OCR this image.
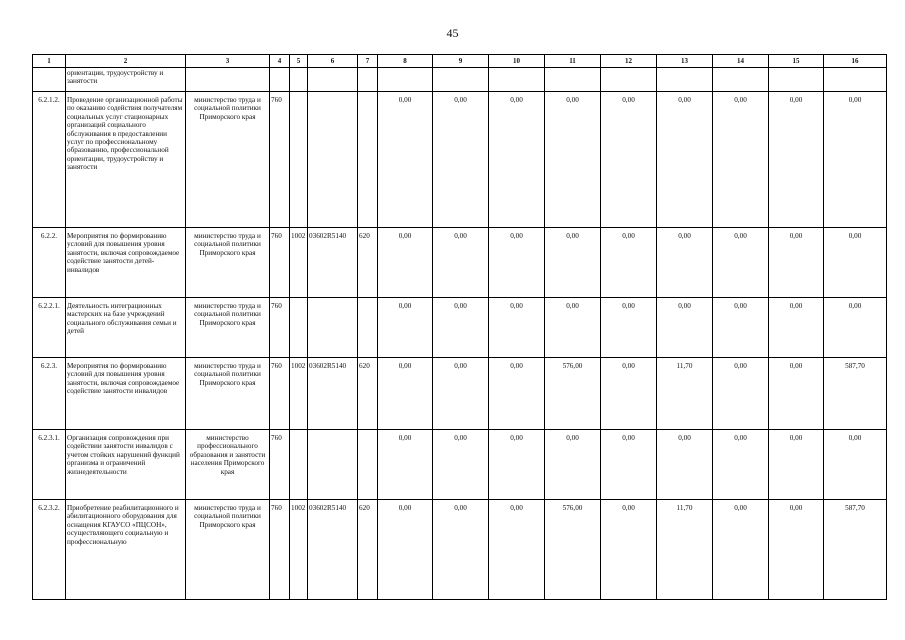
45
1	2	3	4	5	6	7	8	9	10	11	12	13	14	15	16
	ориентации, трудоустройству и занятости														
6.2.1.2.	Проведение организационной работы по оказанию содействия получателям социальных услуг стационарных организаций социального обслуживания в предоставлении услуг по профессиональному образованию, профессиональной ориентации, трудоустройству и занятости	министерство труда и социальной политики Приморского края	760				0,00	0,00	0,00	0,00	0,00	0,00	0,00	0,00	0,00
6.2.2.	Мероприятия по формированию условий для повышения уровня занятости, включая сопровождаемое содействие занятости детей-инвалидов	министерство труда и социальной политики Приморского края	760	1002	03602R5140	620	0,00	0,00	0,00	0,00	0,00	0,00	0,00	0,00	0,00
6.2.2.1.	Деятельность интеграционных мастерских на базе учреждений социального обслуживания семьи и детей	министерство труда и социальной политики Приморского края	760				0,00	0,00	0,00	0,00	0,00	0,00	0,00	0,00	0,00
6.2.3.	Мероприятия по формированию условий для повышения уровня занятости, включая сопровождаемое содействие занятости инвалидов	министерство труда и социальной политики Приморского края	760	1002	03602R5140	620	0,00	0,00	0,00	576,00	0,00	11,70	0,00	0,00	587,70
6.2.3.1.	Организация сопровождения при содействии занятости инвалидов с учетом стойких нарушений функций организма и ограничений жизнедеятельности	министерство профессионального образования и занятости населения Приморского края	760				0,00	0,00	0,00	0,00	0,00	0,00	0,00	0,00	0,00
6.2.3.2.	Приобретение реабилитационного и абилитационного оборудования для оснащения КГАУСО «ПЦСОН», осуществляющего социальную и профессиональную	министерство труда и социальной политики Приморского края	760	1002	03602R5140	620	0,00	0,00	0,00	576,00	0,00	11,70	0,00	0,00	587,70
